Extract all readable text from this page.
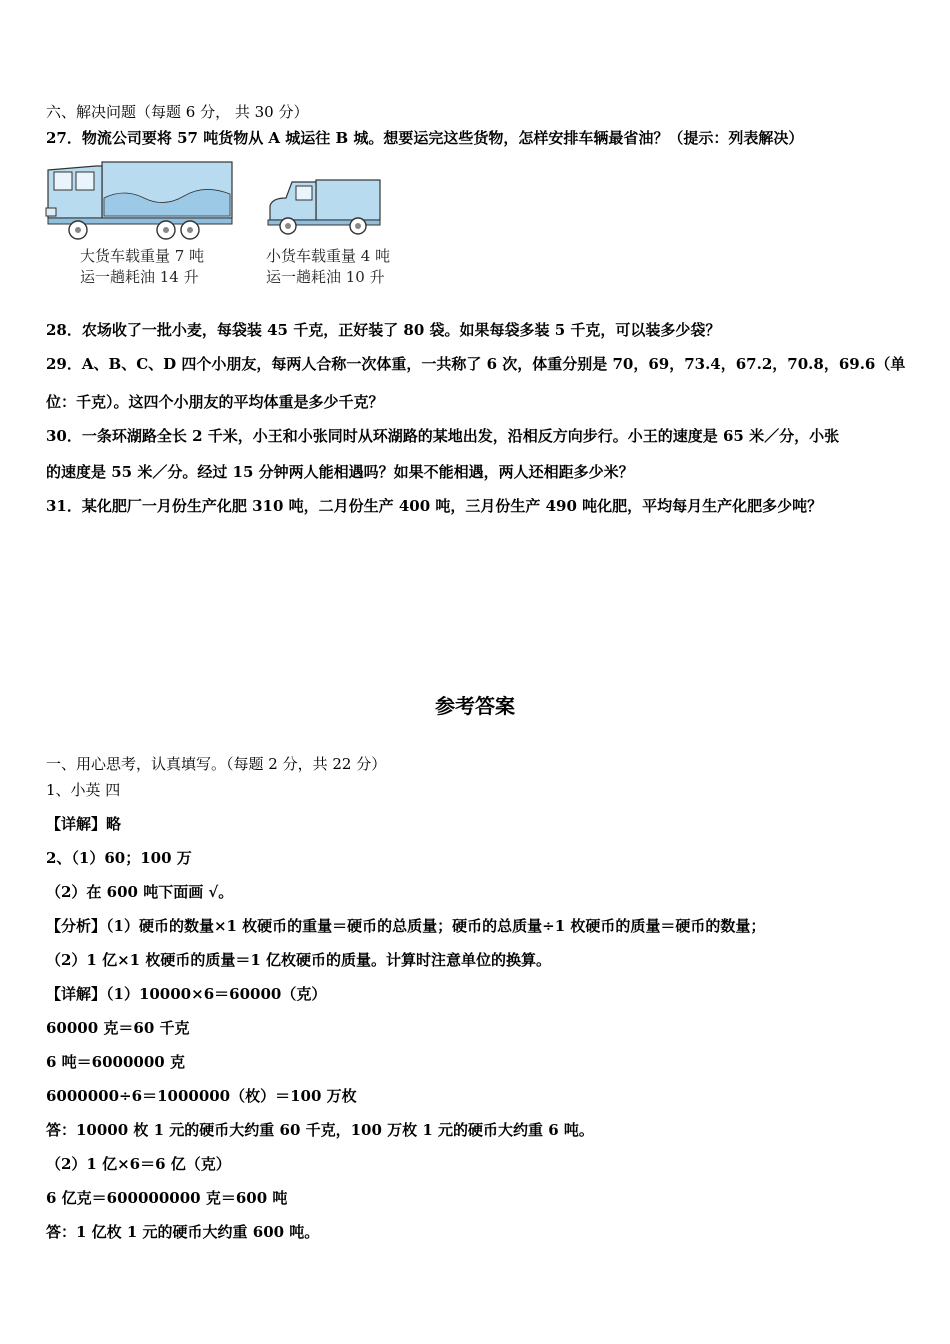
六、解决问题（每题 6 分， 共 30 分）
27．物流公司要将 57 吨货物从 A 城运往 B 城。想要运完这些货物，怎样安排车辆最省油？（提示：列表解决）
大货车载重量 7 吨
运一趟耗油 14 升
小货车载重量 4 吨
运一趟耗油 10 升
28．农场收了一批小麦，每袋装 45 千克，正好装了 80 袋。如果每袋多装 5 千克，可以装多少袋？
29．A、B、C、D 四个小朋友，每两人合称一次体重，一共称了 6 次，体重分别是 70，69，73.4，67.2，70.8，69.6（单
位：千克）。这四个小朋友的平均体重是多少千克？
30．一条环湖路全长 2 千米，小王和小张同时从环湖路的某地出发，沿相反方向步行。小王的速度是 65 米／分，小张
的速度是 55 米／分。经过 15 分钟两人能相遇吗？如果不能相遇，两人还相距多少米？
31．某化肥厂一月份生产化肥 310 吨，二月份生产 400 吨，三月份生产 490 吨化肥，平均每月生产化肥多少吨？
参考答案
一、用心思考，认真填写。（每题 2 分，共 22 分）
1、小英 四
【详解】略
2、（1）60；100 万
（2）在 600 吨下面画 √。
【分析】（1）硬币的数量×1 枚硬币的重量＝硬币的总质量；硬币的总质量÷1 枚硬币的质量＝硬币的数量；
（2）1 亿×1 枚硬币的质量＝1 亿枚硬币的质量。计算时注意单位的换算。
【详解】（1）10000×6＝60000（克）
60000 克＝60 千克
6 吨＝6000000 克
6000000÷6＝1000000（枚）＝100 万枚
答：10000 枚 1 元的硬币大约重 60 千克，100 万枚 1 元的硬币大约重 6 吨。
（2）1 亿×6＝6 亿（克）
6 亿克＝600000000 克＝600 吨
答：1 亿枚 1 元的硬币大约重 600 吨。
